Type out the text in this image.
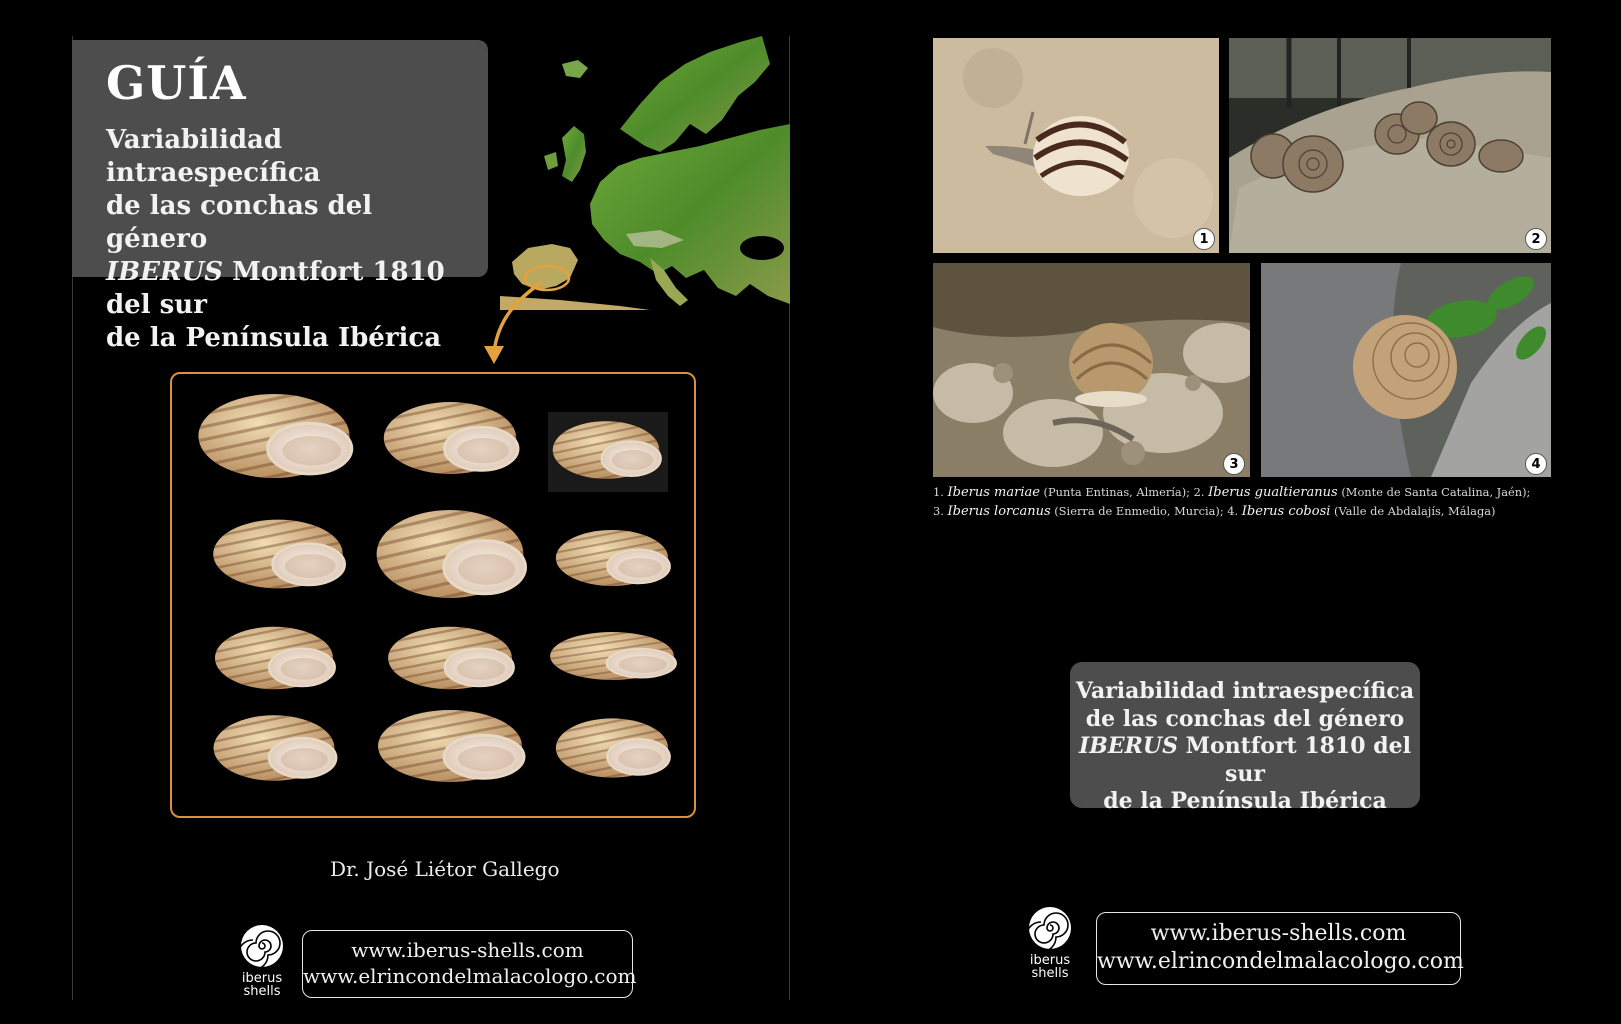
GUÍA
Variabilidad intraespecífica
de las conchas del género
IBERUS Montfort 1810 del sur
de la Península Ibérica
Dr. José Liétor Gallego
iberus
shells
www.iberus-shells.com
www.elrincondelmalacologo.com
1	2
3	4
1. Iberus mariae (Punta Entinas, Almería); 2. Iberus gualtieranus (Monte de Santa Catalina, Jaén);
3. Iberus lorcanus (Sierra de Enmedio, Murcia); 4. Iberus cobosi (Valle de Abdalajís, Málaga)
Variabilidad intraespecífica
de las conchas del género
IBERUS Montfort 1810 del sur
de la Península Ibérica
iberus
shells
www.iberus-shells.com
www.elrincondelmalacologo.com
